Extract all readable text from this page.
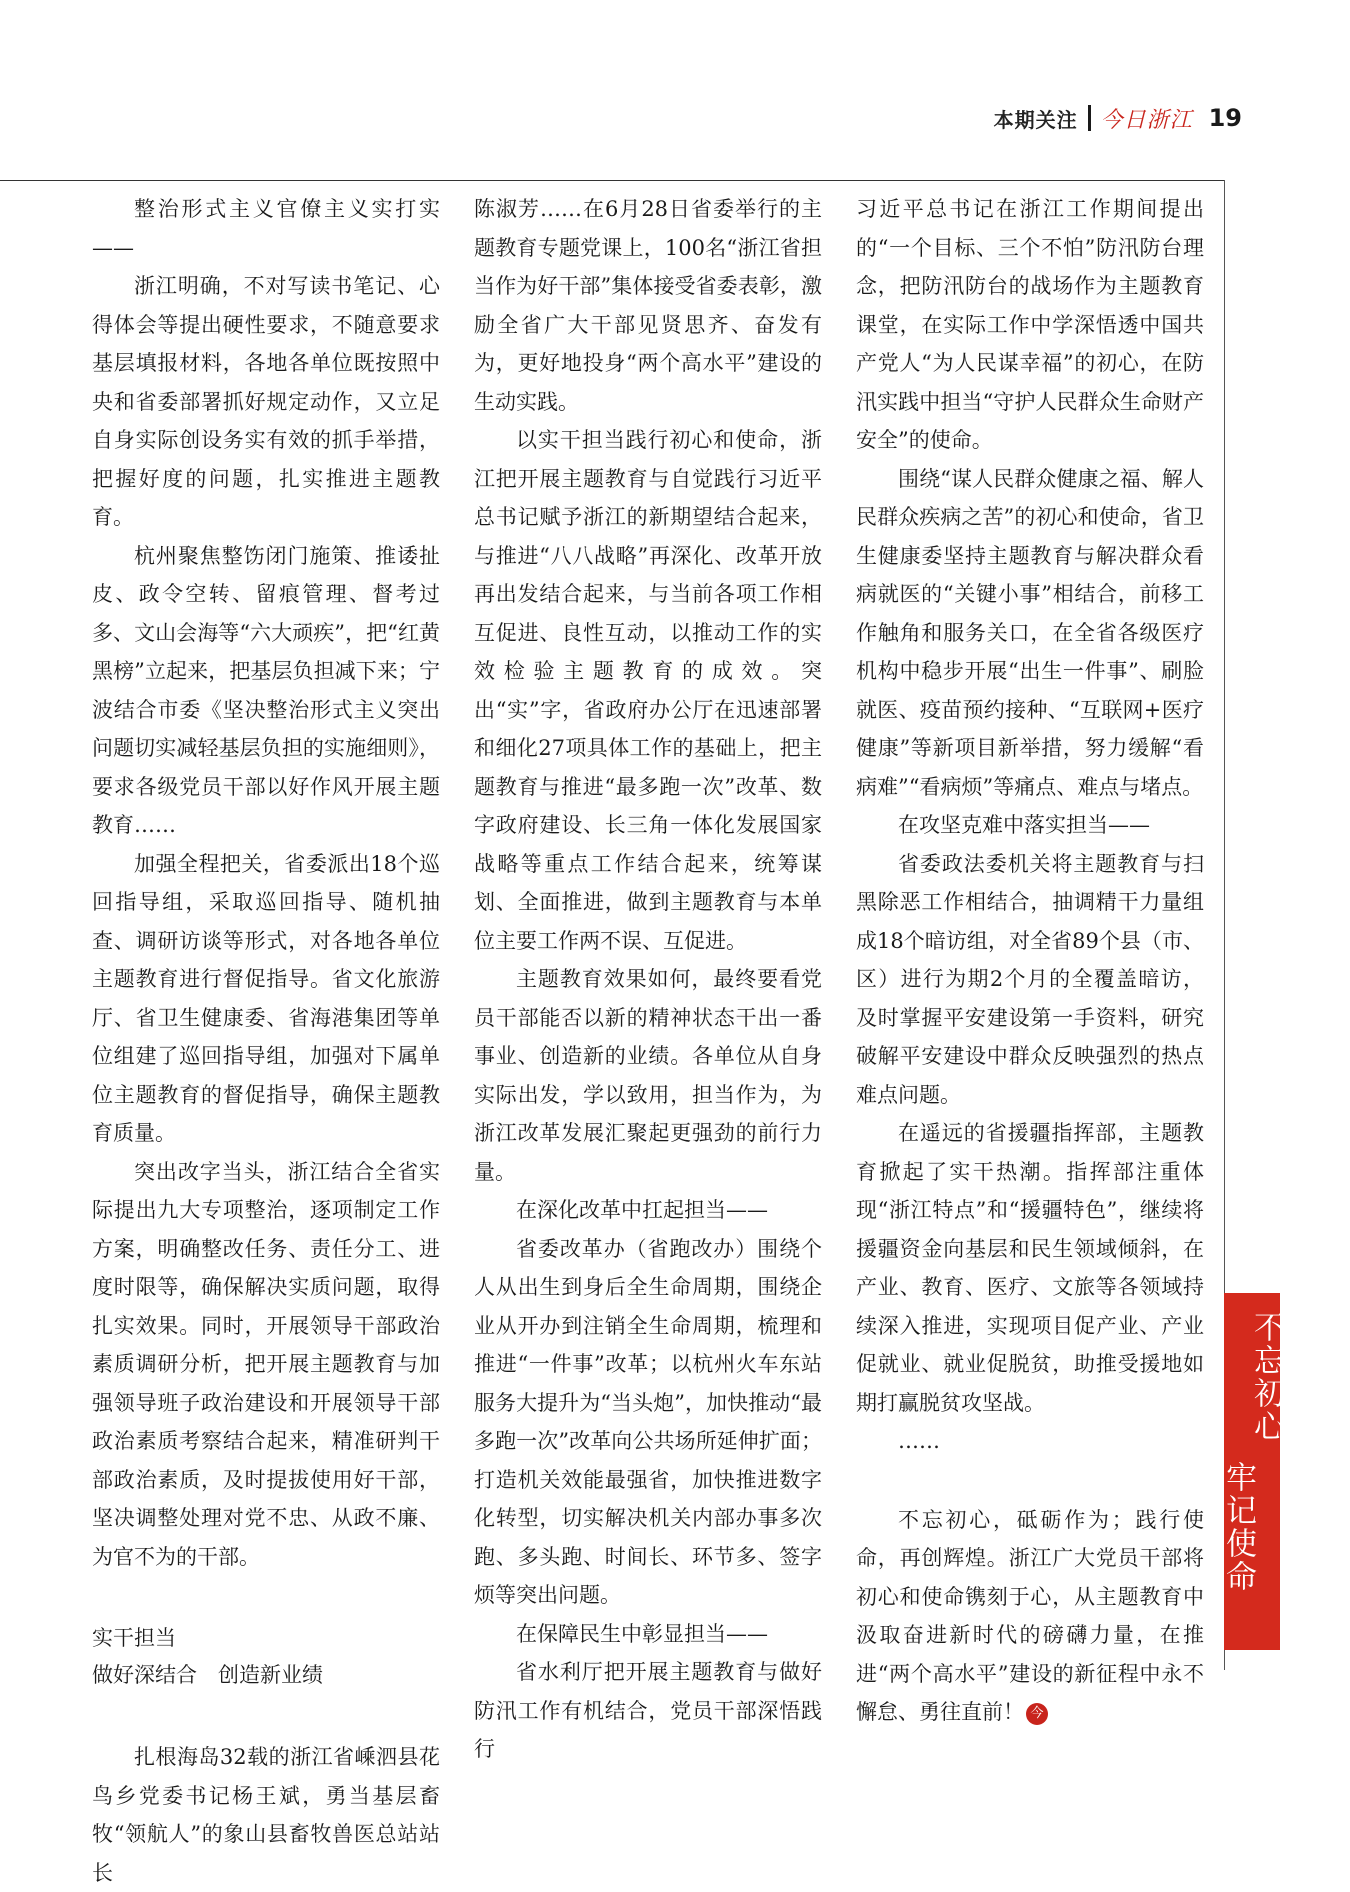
本期关注 今日浙江 19

整治形式主义官僚主义实打实——

浙江明确，不对写读书笔记、心得体会等提出硬性要求，不随意要求基层填报材料，各地各单位既按照中央和省委部署抓好规定动作，又立足自身实际创设务实有效的抓手举措，把握好度的问题，扎实推进主题教育。

杭州聚焦整饬闭门施策、推诿扯皮、政令空转、留痕管理、督考过多、文山会海等“六大顽疾”，把“红黄黑榜”立起来，把基层负担减下来；宁波结合市委《坚决整治形式主义突出问题切实减轻基层负担的实施细则》，要求各级党员干部以好作风开展主题教育……

加强全程把关，省委派出18个巡回指导组，采取巡回指导、随机抽查、调研访谈等形式，对各地各单位主题教育进行督促指导。省文化旅游厅、省卫生健康委、省海港集团等单位组建了巡回指导组，加强对下属单位主题教育的督促指导，确保主题教育质量。

突出改字当头，浙江结合全省实际提出九大专项整治，逐项制定工作方案，明确整改任务、责任分工、进度时限等，确保解决实质问题，取得扎实效果。同时，开展领导干部政治素质调研分析，把开展主题教育与加强领导班子政治建设和开展领导干部政治素质考察结合起来，精准研判干部政治素质，及时提拔使用好干部，坚决调整处理对党不忠、从政不廉、为官不为的干部。

实干担当
做好深结合　创造新业绩

扎根海岛32载的浙江省嵊泗县花鸟乡党委书记杨王斌，勇当基层畜牧“领航人”的象山县畜牧兽医总站站长

陈淑芳……在6月28日省委举行的主题教育专题党课上，100名“浙江省担当作为好干部”集体接受省委表彰，激励全省广大干部见贤思齐、奋发有为，更好地投身“两个高水平”建设的生动实践。

以实干担当践行初心和使命，浙江把开展主题教育与自觉践行习近平总书记赋予浙江的新期望结合起来，与推进“八八战略”再深化、改革开放再出发结合起来，与当前各项工作相互促进、良性互动，以推动工作的实效检验主题教育的成效。突出“实”字，省政府办公厅在迅速部署和细化27项具体工作的基础上，把主题教育与推进“最多跑一次”改革、数字政府建设、长三角一体化发展国家战略等重点工作结合起来，统筹谋划、全面推进，做到主题教育与本单位主要工作两不误、互促进。

主题教育效果如何，最终要看党员干部能否以新的精神状态干出一番事业、创造新的业绩。各单位从自身实际出发，学以致用，担当作为，为浙江改革发展汇聚起更强劲的前行力量。

在深化改革中扛起担当——

省委改革办（省跑改办）围绕个人从出生到身后全生命周期，围绕企业从开办到注销全生命周期，梳理和推进“一件事”改革；以杭州火车东站服务大提升为“当头炮”，加快推动“最多跑一次”改革向公共场所延伸扩面；打造机关效能最强省，加快推进数字化转型，切实解决机关内部办事多次跑、多头跑、时间长、环节多、签字烦等突出问题。

在保障民生中彰显担当——

省水利厅把开展主题教育与做好防汛工作有机结合，党员干部深悟践行

习近平总书记在浙江工作期间提出的“一个目标、三个不怕”防汛防台理念，把防汛防台的战场作为主题教育课堂，在实际工作中学深悟透中国共产党人“为人民谋幸福”的初心，在防汛实践中担当“守护人民群众生命财产安全”的使命。

围绕“谋人民群众健康之福、解人民群众疾病之苦”的初心和使命，省卫生健康委坚持主题教育与解决群众看病就医的“关键小事”相结合，前移工作触角和服务关口，在全省各级医疗机构中稳步开展“出生一件事”、刷脸就医、疫苗预约接种、“互联网+医疗健康”等新项目新举措，努力缓解“看病难”“看病烦”等痛点、难点与堵点。

在攻坚克难中落实担当——

省委政法委机关将主题教育与扫黑除恶工作相结合，抽调精干力量组成18个暗访组，对全省89个县（市、区）进行为期2个月的全覆盖暗访，及时掌握平安建设第一手资料，研究破解平安建设中群众反映强烈的热点难点问题。

在遥远的省援疆指挥部，主题教育掀起了实干热潮。指挥部注重体现“浙江特点”和“援疆特色”，继续将援疆资金向基层和民生领域倾斜，在产业、教育、医疗、文旅等各领域持续深入推进，实现项目促产业、产业促就业、就业促脱贫，助推受援地如期打赢脱贫攻坚战。

……

不忘初心，砥砺作为；践行使命，再创辉煌。浙江广大党员干部将初心和使命镌刻于心，从主题教育中汲取奋进新时代的磅礴力量，在推进“两个高水平”建设的新征程中永不懈怠、勇往直前！ 今

不忘初心
牢记使命
